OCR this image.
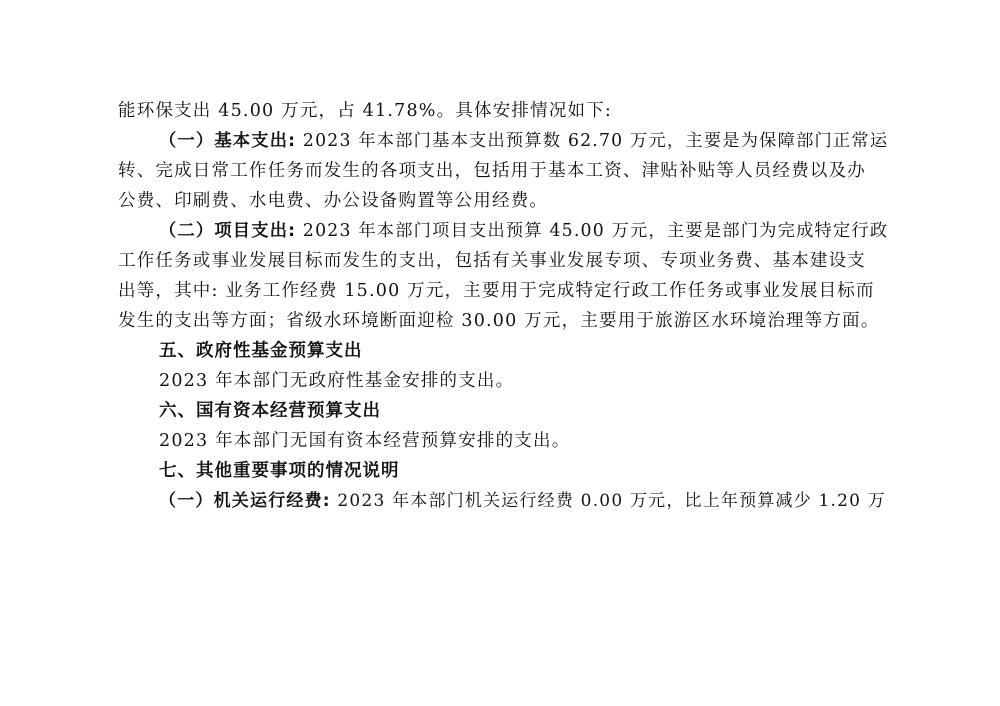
能环保支出 45.00 万元，占 41.78%。具体安排情况如下:
（一）基本支出: 2023 年本部门基本支出预算数 62.70 万元，主要是为保障部门正常运
转、完成日常工作任务而发生的各项支出，包括用于基本工资、津贴补贴等人员经费以及办
公费、印刷费、水电费、办公设备购置等公用经费。
（二）项目支出: 2023 年本部门项目支出预算 45.00 万元，主要是部门为完成特定行政
工作任务或事业发展目标而发生的支出，包括有关事业发展专项、专项业务费、基本建设支
出等，其中: 业务工作经费 15.00 万元，主要用于完成特定行政工作任务或事业发展目标而
发生的支出等方面；省级水环境断面迎检 30.00 万元，主要用于旅游区水环境治理等方面。
五、政府性基金预算支出
2023 年本部门无政府性基金安排的支出。
六、国有资本经营预算支出
2023 年本部门无国有资本经营预算安排的支出。
七、其他重要事项的情况说明
（一）机关运行经费: 2023 年本部门机关运行经费 0.00 万元，比上年预算减少 1.20 万
